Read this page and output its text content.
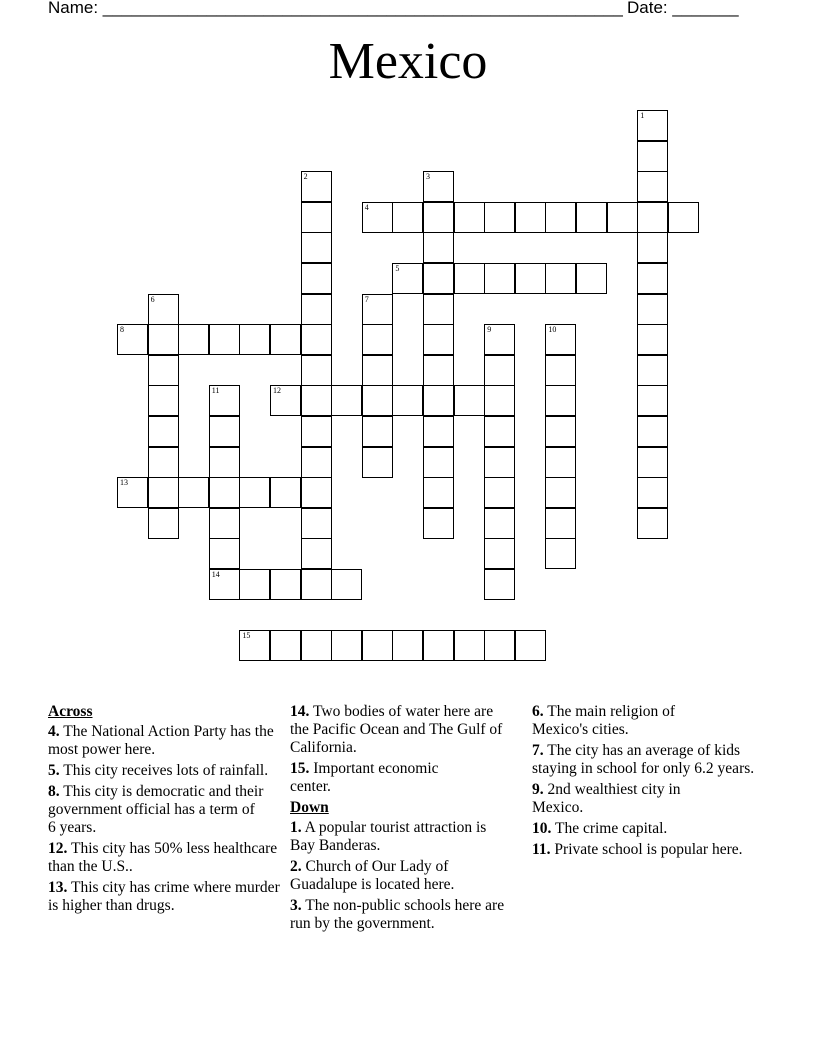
Name: _______________________________________________________ Date: _______
Mexico
1
2	3
4
5
6	7
8	9	10
11
14
12
13
15
Across
4. The National Action Party has the most power here.
5. This city receives lots of rainfall.
8. This city is democratic and their government official has a term of 6 years.
12. This city has 50% less healthcare than the U.S..
13. This city has crime where murder is higher than drugs.
14. Two bodies of water here are the Pacific Ocean and The Gulf of California.
15. Important economic center.
Down
1. A popular tourist attraction is Bay Banderas.
2. Church of Our Lady of Guadalupe is located here.
3. The non-public schools here are run by the government.
6. The main religion of Mexico's cities.
7. The city has an average of kids staying in school for only 6.2 years.
9. 2nd wealthiest city in Mexico.
10. The crime capital.
11. Private school is popular here.
